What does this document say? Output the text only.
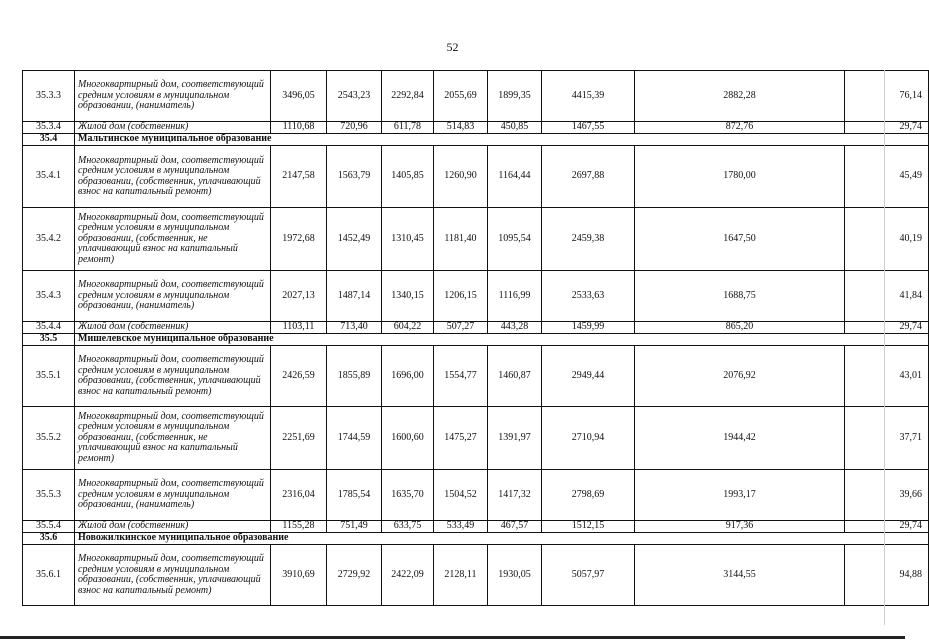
52
35.3.3	Многоквартирный дом, соответствующий средним условиям в муниципальном образовании, (наниматель)	3496,05	2543,23	2292,84	2055,69	1899,35	4415,39	2882,28	76,14
35.3.4	Жилой дом (собственник)	1110,68	720,96	611,78	514,83	450,85	1467,55	872,76	29,74
35.4	Мальтинское муниципальное образование								
35.4.1	Многоквартирный дом, соответствующий средним условиям в муниципальном образовании, (собственник, уплачивающий взнос на капитальный ремонт)	2147,58	1563,79	1405,85	1260,90	1164,44	2697,88	1780,00	45,49
35.4.2	Многоквартирный дом, соответствующий средним условиям в муниципальном образовании, (собственник, не уплачивающий взнос на капитальный ремонт)	1972,68	1452,49	1310,45	1181,40	1095,54	2459,38	1647,50	40,19
35.4.3	Многоквартирный дом, соответствующий средним условиям в муниципальном образовании, (наниматель)	2027,13	1487,14	1340,15	1206,15	1116,99	2533,63	1688,75	41,84
35.4.4	Жилой дом (собственник)	1103,11	713,40	604,22	507,27	443,28	1459,99	865,20	29,74
35.5	Мишелевское муниципальное образование								
35.5.1	Многоквартирный дом, соответствующий средним условиям в муниципальном образовании, (собственник, уплачивающий взнос на капитальный ремонт)	2426,59	1855,89	1696,00	1554,77	1460,87	2949,44	2076,92	43,01
35.5.2	Многоквартирный дом, соответствующий средним условиям в муниципальном образовании, (собственник, не уплачивающий взнос на капитальный ремонт)	2251,69	1744,59	1600,60	1475,27	1391,97	2710,94	1944,42	37,71
35.5.3	Многоквартирный дом, соответствующий средним условиям в муниципальном образовании, (наниматель)	2316,04	1785,54	1635,70	1504,52	1417,32	2798,69	1993,17	39,66
35.5.4	Жилой дом (собственник)	1155,28	751,49	633,75	533,49	467,57	1512,15	917,36	29,74
35.6	Новожилкинское муниципальное образование								
35.6.1	Многоквартирный дом, соответствующий средним условиям в муниципальном образовании, (собственник, уплачивающий взнос на капитальный ремонт)	3910,69	2729,92	2422,09	2128,11	1930,05	5057,97	3144,55	94,88
